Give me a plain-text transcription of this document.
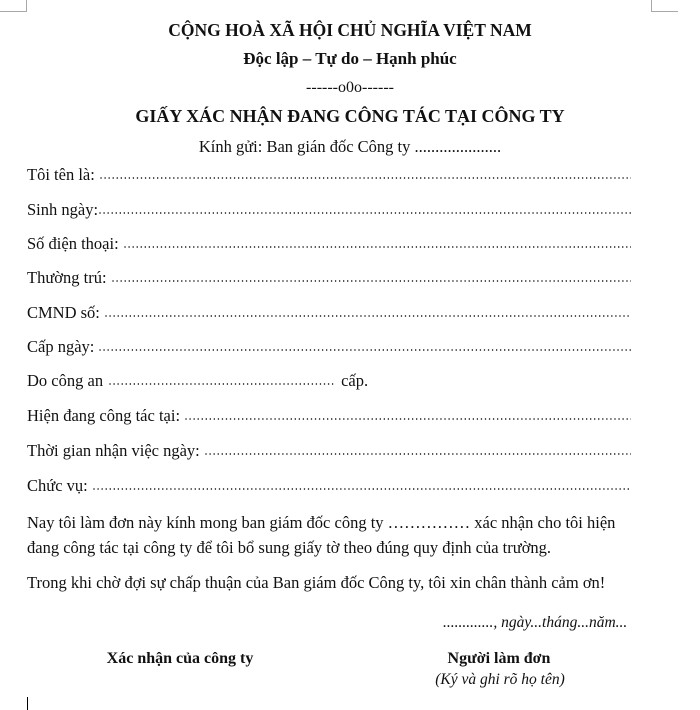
CỘNG HOÀ XÃ HỘI CHỦ NGHĨA VIỆT NAM
Độc lập – Tự do – Hạnh phúc
------o0o------
GIẤY XÁC NHẬN ĐANG CÔNG TÁC TẠI CÔNG TY
Kính gửi: Ban gián đốc Công ty .....................
Tôi tên là:
Sinh ngày:
Số điện thoại:
Thường trú:
CMND số:
Cấp ngày:
Do công an	cấp.
Hiện đang công tác tại:
Thời gian nhận việc ngày:
Chức vụ:
Nay tôi làm đơn này kính mong ban giám đốc công ty …………… xác nhận cho tôi hiện
đang công tác tại công ty để tôi bổ sung giấy tờ theo đúng quy định của trường.
Trong khi chờ đợi sự chấp thuận của Ban giám đốc Công ty, tôi xin chân thành cảm ơn!
............., ngày...tháng...năm...
Xác nhận của công ty	Người làm đơn
(Ký và ghi rõ họ tên)
